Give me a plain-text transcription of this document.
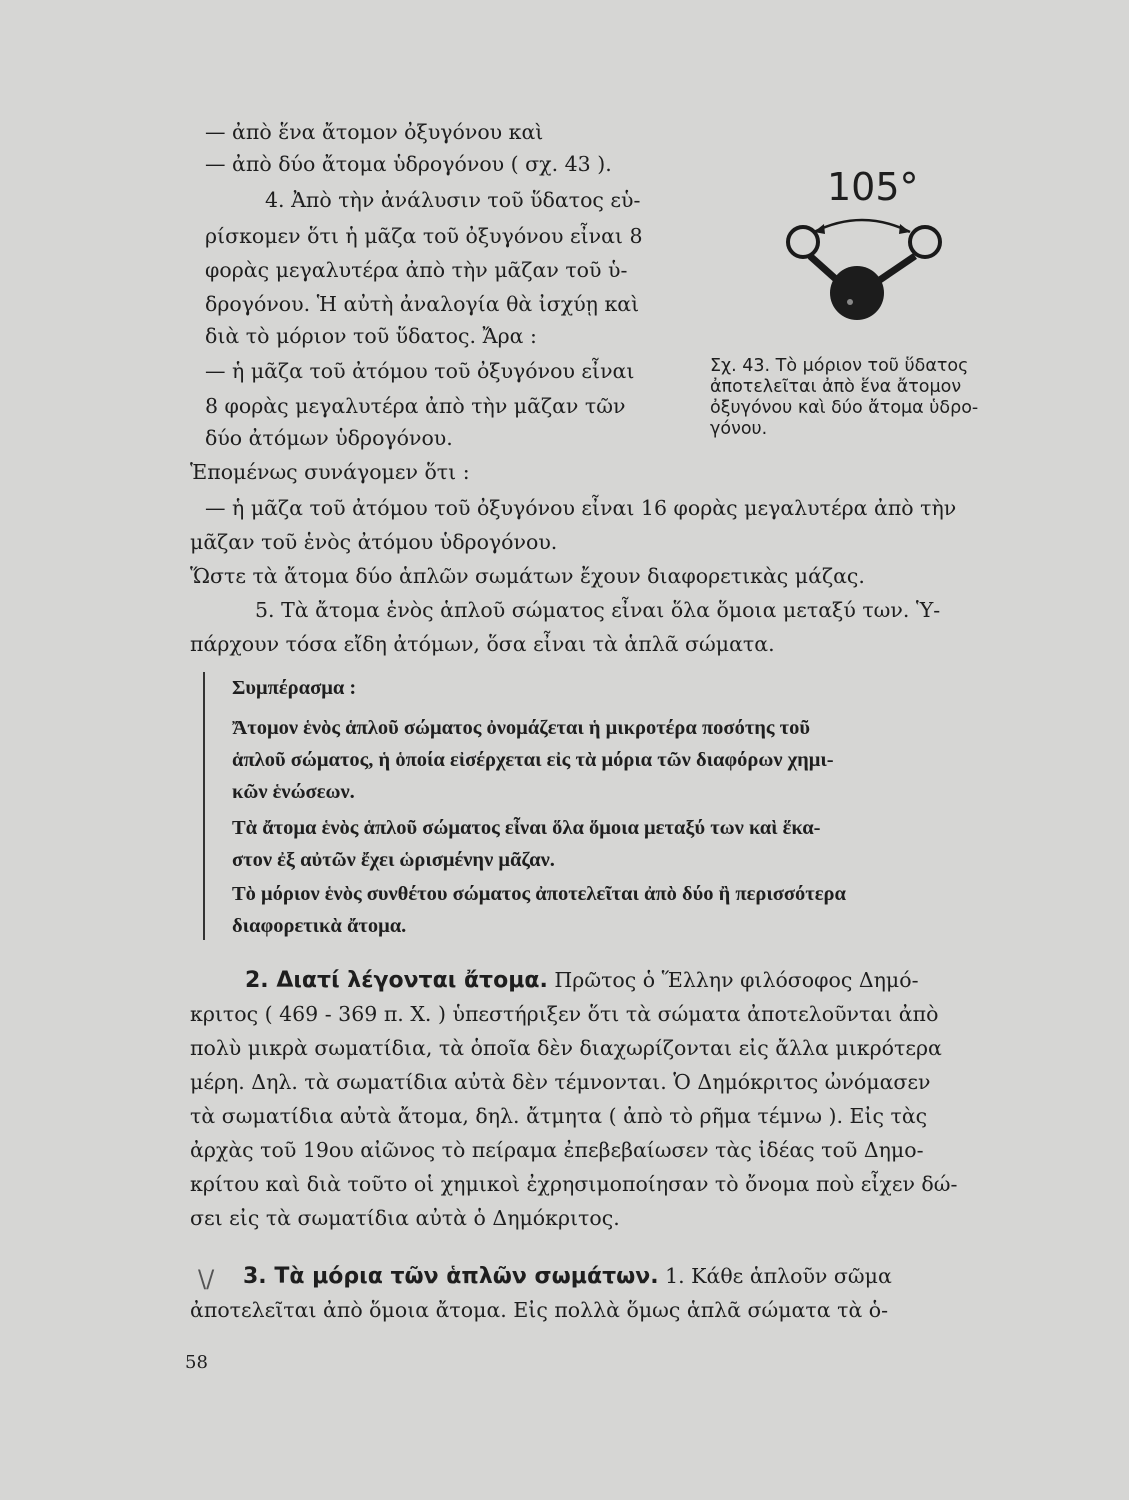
— ἀπὸ ἕνα ἄτομον ὀξυγόνου καὶ
— ἀπὸ δύο ἄτομα ὑδρογόνου ( σχ. 43 ).
4. Ἀπὸ τὴν ἀνάλυσιν τοῦ ὕδατος εὑ-
ρίσκομεν ὅτι ἡ μᾶζα τοῦ ὀξυγόνου εἶναι 8
φορὰς μεγαλυτέρα ἀπὸ τὴν μᾶζαν τοῦ ὑ-
δρογόνου. Ἡ αὐτὴ ἀναλογία θὰ ἰσχύῃ καὶ
διὰ τὸ μόριον τοῦ ὕδατος. Ἄρα :
— ἡ μᾶζα τοῦ ἀτόμου τοῦ ὀξυγόνου εἶναι
8 φορὰς μεγαλυτέρα ἀπὸ τὴν μᾶζαν τῶν
δύο ἀτόμων ὑδρογόνου.
105°
Σχ. 43. Τὸ μόριον τοῦ ὕδατος
ἀποτελεῖται ἀπὸ ἕνα ἄτομον
ὀξυγόνου καὶ δύο ἄτομα ὑδρο-
γόνου.
Ἑπομένως συνάγομεν ὅτι :
— ἡ μᾶζα τοῦ ἀτόμου τοῦ ὀξυγόνου εἶναι 16 φορὰς μεγαλυτέρα ἀπὸ τὴν
μᾶζαν τοῦ ἑνὸς ἀτόμου ὑδρογόνου.
Ὥστε τὰ ἄτομα δύο ἁπλῶν σωμάτων ἔχουν διαφορετικὰς μάζας.
5. Τὰ ἄτομα ἑνὸς ἁπλοῦ σώματος εἶναι ὅλα ὅμοια μεταξύ των. Ὑ-
πάρχουν τόσα εἴδη ἀτόμων, ὅσα εἶναι τὰ ἁπλᾶ σώματα.
Συμπέρασμα :
Ἄτομον ἑνὸς ἁπλοῦ σώματος ὀνομάζεται ἡ μικροτέρα ποσότης τοῦ
ἁπλοῦ σώματος, ἡ ὁποία εἰσέρχεται εἰς τὰ μόρια τῶν διαφόρων χημι-
κῶν ἑνώσεων.
Τὰ ἄτομα ἑνὸς ἁπλοῦ σώματος εἶναι ὅλα ὅμοια μεταξύ των καὶ ἕκα-
στον ἐξ αὐτῶν ἔχει ὡρισμένην μᾶζαν.
Τὸ μόριον ἑνὸς συνθέτου σώματος ἀποτελεῖται ἀπὸ δύο ἢ περισσότερα
διαφορετικὰ ἄτομα.
2. Διατί λέγονται ἄτομα. Πρῶτος ὁ Ἕλλην φιλόσοφος Δημό-
κριτος ( 469 - 369 π. Χ. ) ὑπεστήριξεν ὅτι τὰ σώματα ἀποτελοῦνται ἀπὸ
πολὺ μικρὰ σωματίδια, τὰ ὁποῖα δὲν διαχωρίζονται εἰς ἄλλα μικρότερα
μέρη. Δηλ. τὰ σωματίδια αὐτὰ δὲν τέμνονται. Ὁ Δημόκριτος ὠνόμασεν
τὰ σωματίδια αὐτὰ ἄτομα, δηλ. ἄτμητα ( ἀπὸ τὸ ρῆμα τέμνω ). Εἰς τὰς
ἀρχὰς τοῦ 19ου αἰῶνος τὸ πείραμα ἐπεβεβαίωσεν τὰς ἰδέας τοῦ Δημο-
κρίτου καὶ διὰ τοῦτο οἱ χημικοὶ ἐχρησιμοποίησαν τὸ ὄνομα ποὺ εἶχεν δώ-
σει εἰς τὰ σωματίδια αὐτὰ ὁ Δημόκριτος.
\/ 3. Τὰ μόρια τῶν ἁπλῶν σωμάτων. 1. Κάθε ἁπλοῦν σῶμα
ἀποτελεῖται ἀπὸ ὅμοια ἄτομα. Εἰς πολλὰ ὅμως ἁπλᾶ σώματα τὰ ὁ-
58
